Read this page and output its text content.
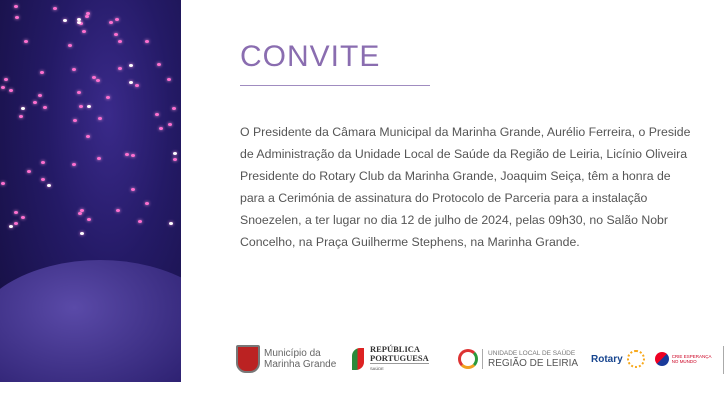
CONVITE
O Presidente da Câmara Municipal da Marinha Grande, Aurélio Ferreira, o Preside
de Administração da Unidade Local de Saúde da Região de Leiria, Licínio Oliveira
Presidente do Rotary Club da Marinha Grande, Joaquim Seiça, têm a honra de
para a Cerimónia de assinatura do Protocolo de Parceria para a instalação
Snoezelen, a ter lugar no dia 12 de julho de 2024, pelas 09h30, no Salão Nobr
Concelho, na Praça Guilherme Stephens, na Marinha Grande.
Município da
Marinha Grande
REPÚBLICA
PORTUGUESA
SAÚDE
UNIDADE LOCAL DE SAÚDE
REGIÃO DE LEIRIA Rotary	CRIE ESPERANÇA
NO MUNDO
